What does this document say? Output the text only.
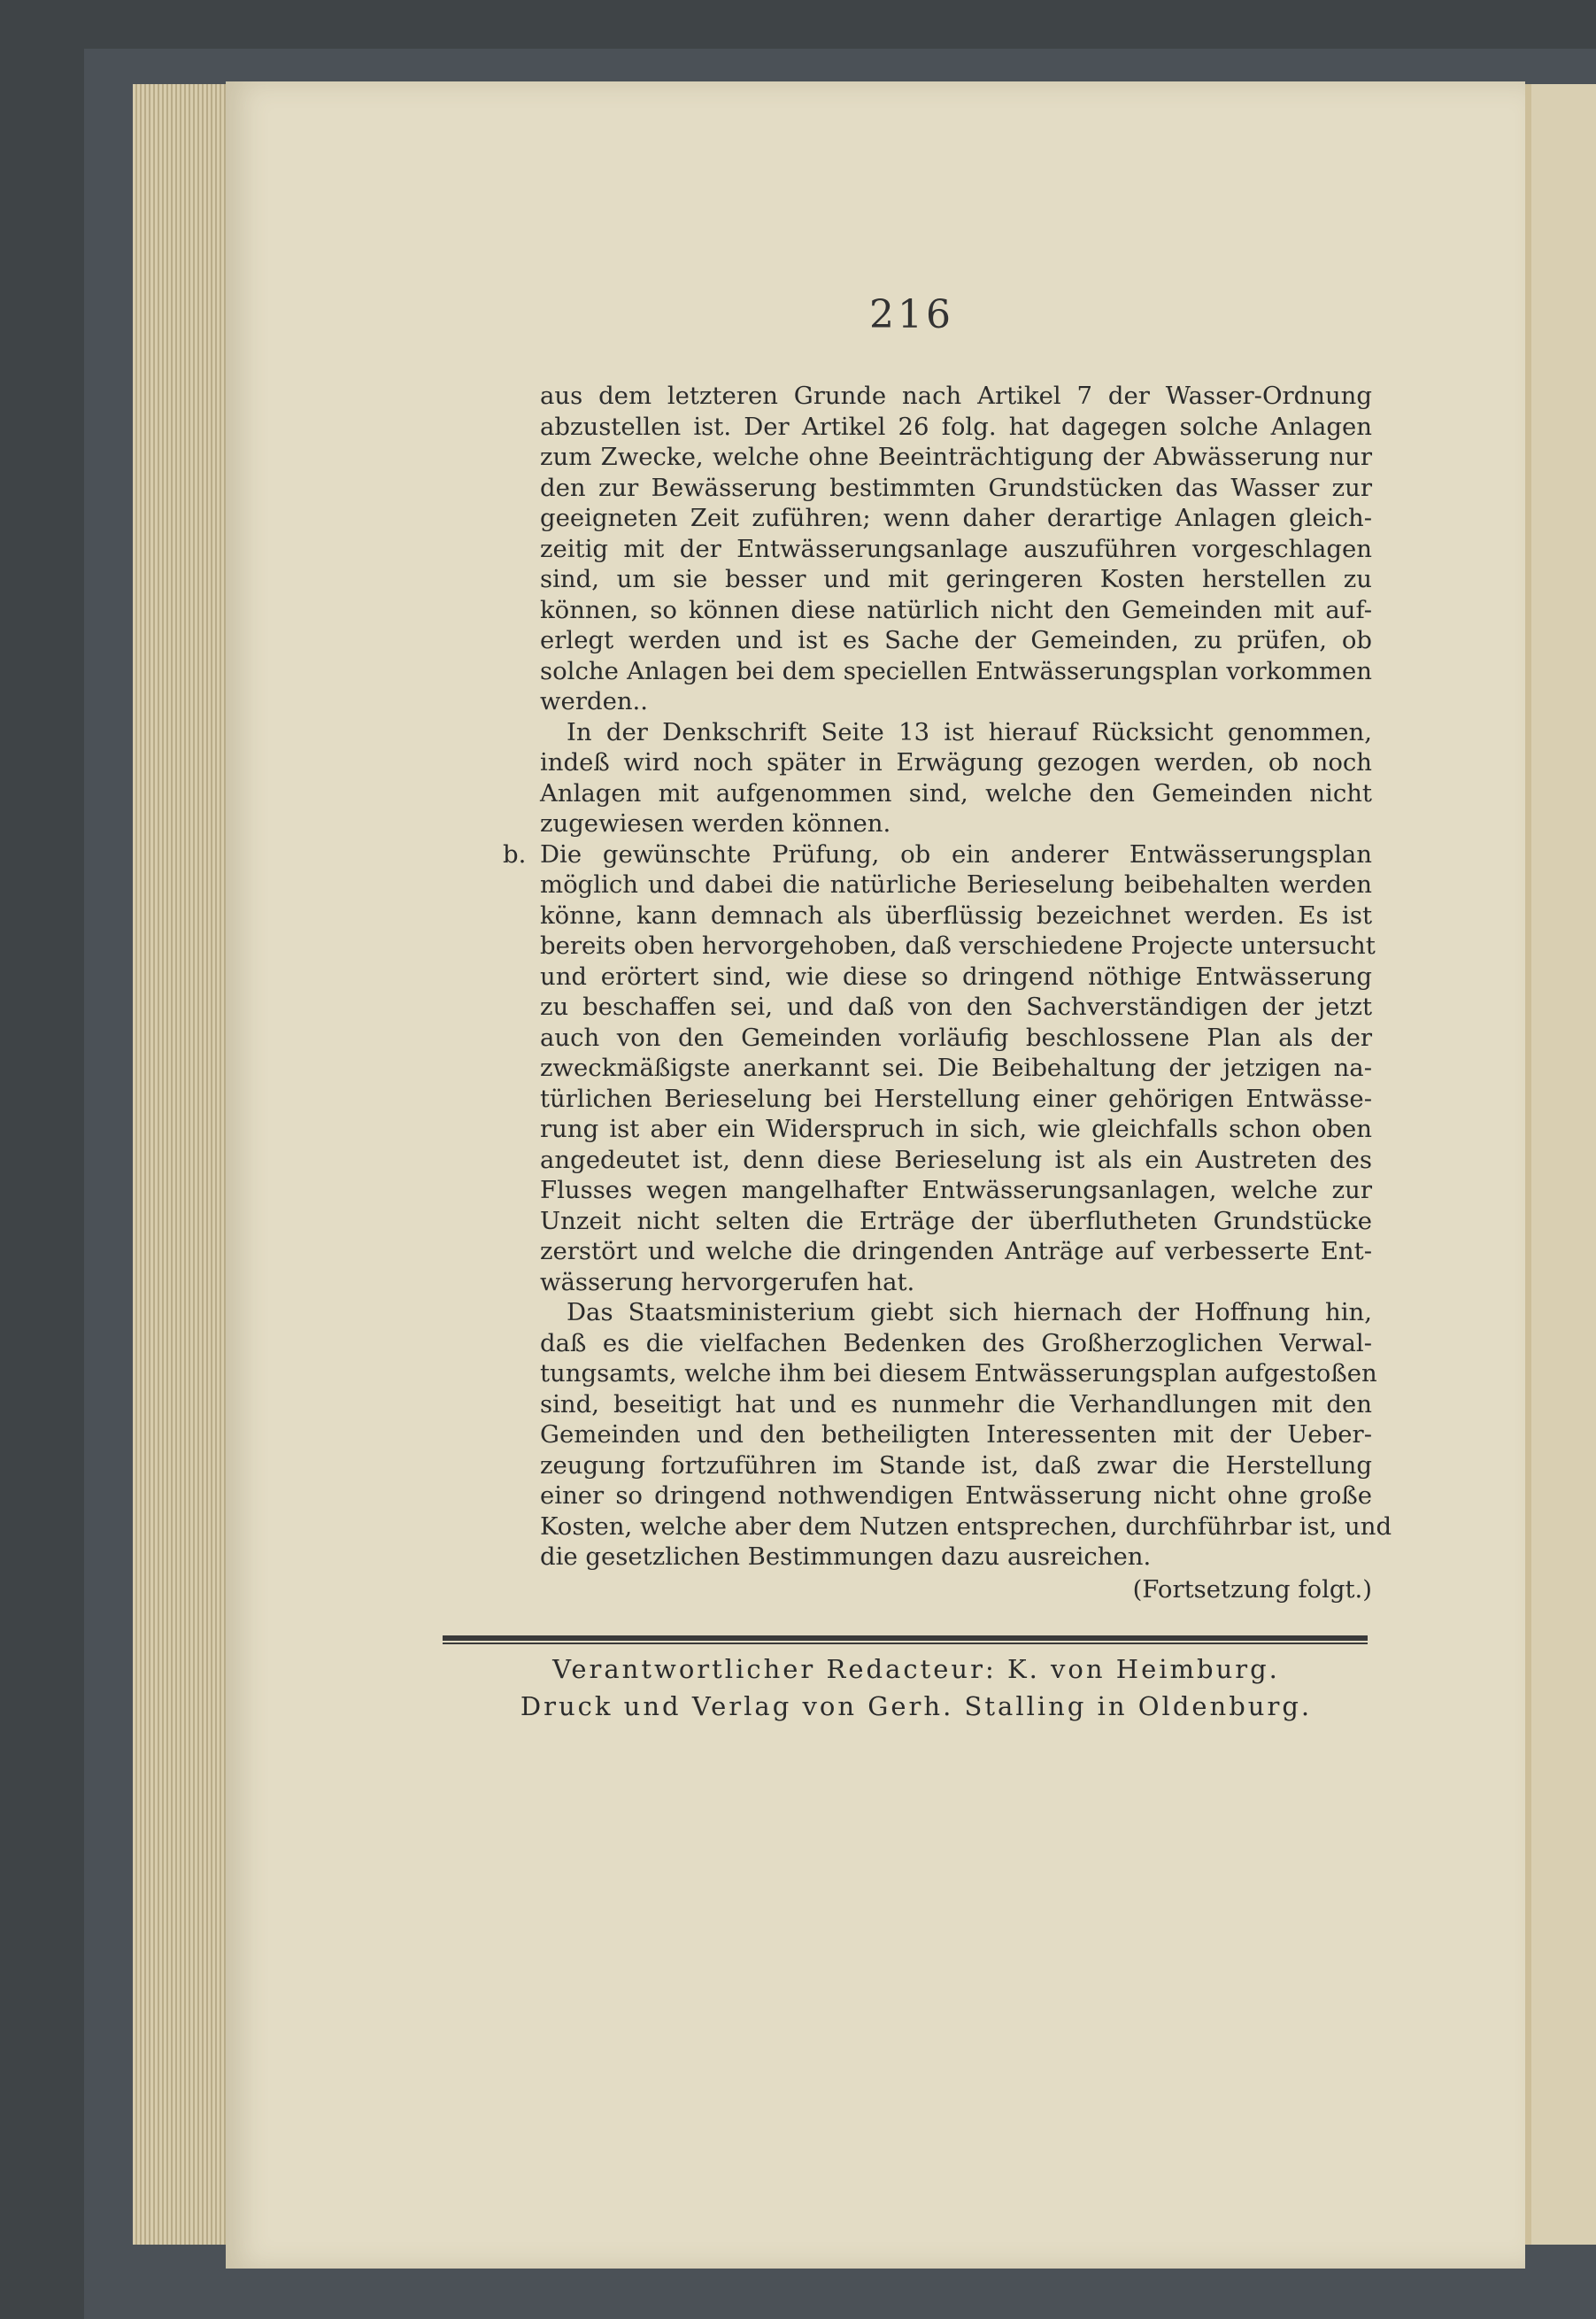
216
aus dem letzteren Grunde nach Artikel 7 der Wasser-Ordnung
abzustellen ist. Der Artikel 26 folg. hat dagegen solche Anlagen
zum Zwecke, welche ohne Beeinträchtigung der Abwässerung nur
den zur Bewässerung bestimmten Grundstücken das Wasser zur
geeigneten Zeit zuführen; wenn daher derartige Anlagen gleich-
zeitig mit der Entwässerungsanlage auszuführen vorgeschlagen
sind, um sie besser und mit geringeren Kosten herstellen zu
können, so können diese natürlich nicht den Gemeinden mit auf-
erlegt werden und ist es Sache der Gemeinden, zu prüfen, ob
solche Anlagen bei dem speciellen Entwässerungsplan vorkommen
werden..
In der Denkschrift Seite 13 ist hierauf Rücksicht genommen,
indeß wird noch später in Erwägung gezogen werden, ob noch
Anlagen mit aufgenommen sind, welche den Gemeinden nicht
zugewiesen werden können.
b. Die gewünschte Prüfung, ob ein anderer Entwässerungsplan
möglich und dabei die natürliche Berieselung beibehalten werden
könne, kann demnach als überflüssig bezeichnet werden. Es ist
bereits oben hervorgehoben, daß verschiedene Projecte untersucht
und erörtert sind, wie diese so dringend nöthige Entwässerung
zu beschaffen sei, und daß von den Sachverständigen der jetzt
auch von den Gemeinden vorläufig beschlossene Plan als der
zweckmäßigste anerkannt sei. Die Beibehaltung der jetzigen na-
türlichen Berieselung bei Herstellung einer gehörigen Entwässe-
rung ist aber ein Widerspruch in sich, wie gleichfalls schon oben
angedeutet ist, denn diese Berieselung ist als ein Austreten des
Flusses wegen mangelhafter Entwässerungsanlagen, welche zur
Unzeit nicht selten die Erträge der überflutheten Grundstücke
zerstört und welche die dringenden Anträge auf verbesserte Ent-
wässerung hervorgerufen hat.
Das Staatsministerium giebt sich hiernach der Hoffnung hin,
daß es die vielfachen Bedenken des Großherzoglichen Verwal-
tungsamts, welche ihm bei diesem Entwässerungsplan aufgestoßen
sind, beseitigt hat und es nunmehr die Verhandlungen mit den
Gemeinden und den betheiligten Interessenten mit der Ueber-
zeugung fortzuführen im Stande ist, daß zwar die Herstellung
einer so dringend nothwendigen Entwässerung nicht ohne große
Kosten, welche aber dem Nutzen entsprechen, durchführbar ist, und
die gesetzlichen Bestimmungen dazu ausreichen.
(Fortsetzung folgt.)
Verantwortlicher Redacteur: K. von Heimburg.
Druck und Verlag von Gerh. Stalling in Oldenburg.
